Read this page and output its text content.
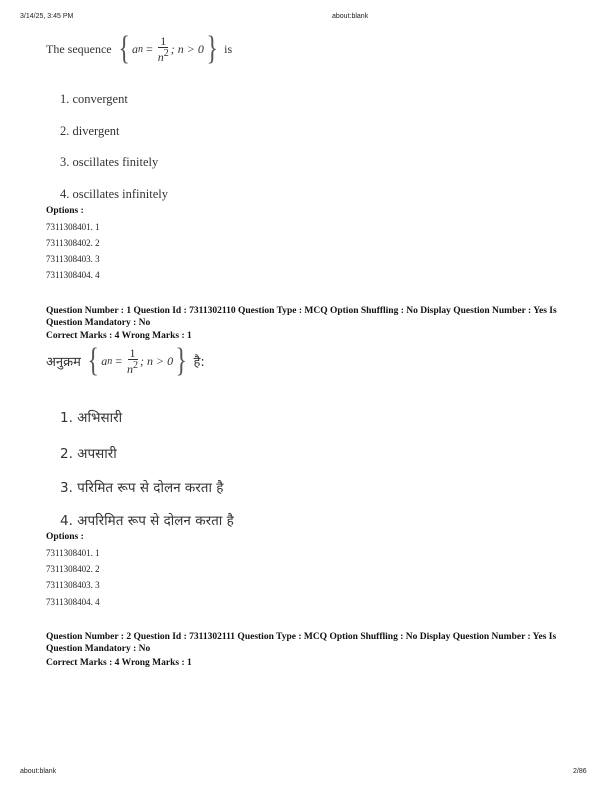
3/14/25, 3:45 PM	about:blank
The sequence { a $n = \frac{1}{n^2}$ ; n > 0 } is
1. convergent
2. divergent
3. oscillates finitely
4. oscillates infinitely
Options :
7311308401. 1
7311308402. 2
7311308403. 3
7311308404. 4
Question Number : 1 Question Id : 7311302110 Question Type : MCQ Option Shuffling : No Display Question Number : Yes Is Question Mandatory : No
Correct Marks : 4 Wrong Marks : 1
अनुक्रम { a $n = \frac{1}{n^2}$ ; n > 0 } है:
1. अभिसारी
2. अपसारी
3. परिमित रूप से दोलन करता है
4. अपरिमित रूप से दोलन करता है
Options :
7311308401. 1
7311308402. 2
7311308403. 3
7311308404. 4
Question Number : 2 Question Id : 7311302111 Question Type : MCQ Option Shuffling : No Display Question Number : Yes Is Question Mandatory : No
Correct Marks : 4 Wrong Marks : 1
about:blank	2/86
